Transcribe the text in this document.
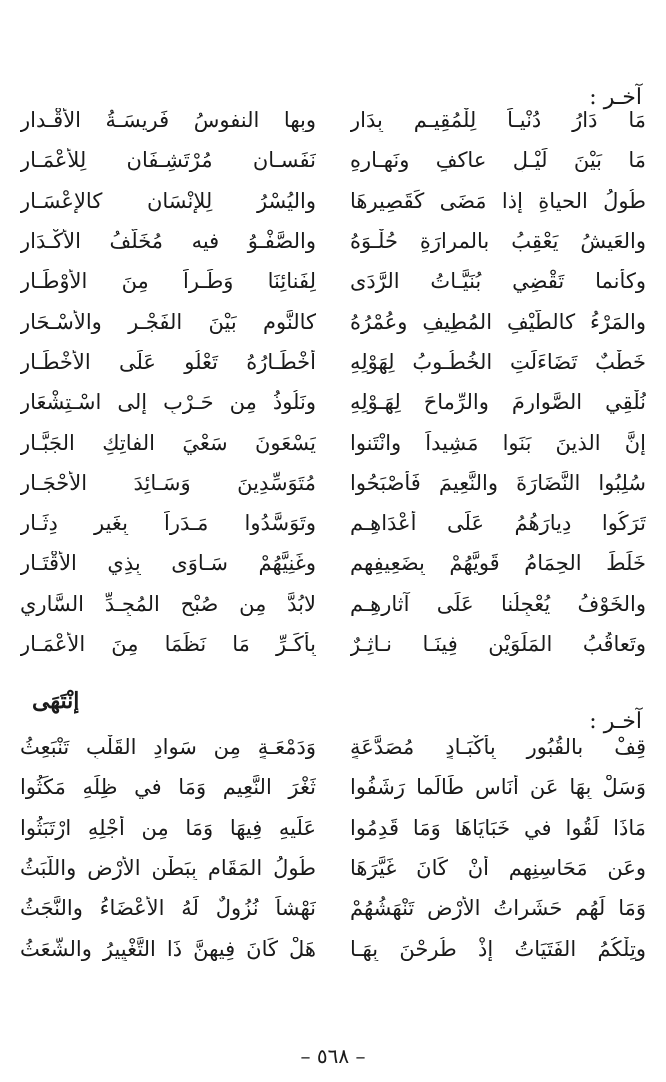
آخـر :
مَا دَارُ دُنْيـاً لِلْمُقِيـمِ بِدَارِ
وبِها النفوسُ فَرِيسَـةُ الأَقْـدارِ
مَا بَيْنَ لَيْـلٍ عاكفٍ ونَهـارِهِ
نَفَسـانِ مُرْتَشِـفَانِ لِلأَعْمَـارِ
طُولُ الحياةِ إذا مَضَى كَقَصِيرِهَا
واليُسْرُ لِلإِنْسَانِ كالإِعْسَـارِ
والعَيشُ يَعْقِبُ بالمرارَةِ حُلْـوَهُ
والصَّفْـوُ فيه مُخَلَّفُ الأَكْـدَارِ
وكأنما تَقْضِي بُنَيَّـاتُ الرَّدَى
لِفَنائِنَا وَطَـراً مِنَ الأَوْطَـارِ
والمَرْءُ كالطَّيْفِ المُطِيفِ وعُمْرُهُ
كالنَّومِ بَيْنَ الفَجْـرِ والأَسْـحَارِ
خَطْبٌ تَضَاءَلَتِ الخُطُـوبُ لِهَوْلِهِ
أَخْطَـارُهُ تَعْلُو عَلَى الأَخْطَـارِ
نُلْقِي الصَّوارِمَ والرِّماحَ لِهَـوْلِهِ
ونَلُوذُ مِن حَـرْبٍ إلى اسْـتِشْعَارِ
إِنَّ الذينَ بَنَوا مَشِيداً وانْتَنوا
يَسْعَونَ سَعْيَ الفاتِكِ الجَبَّـارِ
سُلِبُوا النَّضَارَةَ والنَّعِيمَ فَأَصْبَحُوا
مُتَوَسِّدِينَ وَسَـائِدَ الأَحْجَـارِ
تَرَكُوا دِيارَهُمُ عَلَى أَعْدَاهِـمِ
وتَوَسَّدُوا مَـدَراً بِغَيرِ دِثَـارِ
خَلَطَ الحِمَامُ قَوِيَّهُمْ بِضَعِيفِهِم
وغَنِيَّهُمْ سَـاوَى بِذِي الأَقْتَـارِ
والخَوْفُ يُعْجِلُنا عَلَى آثارِهِـم
لابُدَّ مِن صُبْحِ المُجِـدِّ السَّارِي
وتَعاقُبُ المَلَوَيْنِ فِينَـا نـاثِـرٌ
بِأَكَـرِّ مَا نَظَمَا مِنَ الأَعْمَـارِ
إنْتَهَى
آخـر :
قِفْ بالقُبُورِ بِأَكْبَـادٍ مُصَدَّعَةٍ
وَدَمْعَـةٍ مِن سَوادِ القَلْبِ تَنْبَعِثُ
وَسَلْ بِهَا عَن أُنَاسٍ طَالَما رَشَفُوا
ثَغْرَ النَّعِيمِ وَمَا في ظِلِّهِ مَكَثُوا
مَاذَا لَقُوا في خَبَايَاهَا وَمَا قَدِمُوا
عَلَيهِ فِيهَا وَمَا مِن أَجْلِهِ ارْتَبَثُوا
وعَن مَحَاسِنِهِم أَنْ كَانَ غَيَّرَهَا
طُولُ المَقَامِ بِبَطْنِ الأَرْضِ واللَّبَثُ
وَمَا لَهُم حَشَراتُ الأَرْضِ تَنْهَشُهُمْ
نَهْشاً نُزُولٌ لَهُ الأَعْضَاءُ والنَّجَثُ
وتِلْكُمُ الفَتَيَاتُ إِذْ طُرِحْنَ بِهَـا
هَلْ كَانَ فِيهِنَّ ذَا التَّغْيِيرُ والشَّعَثُ
– ٥٦٨ –
